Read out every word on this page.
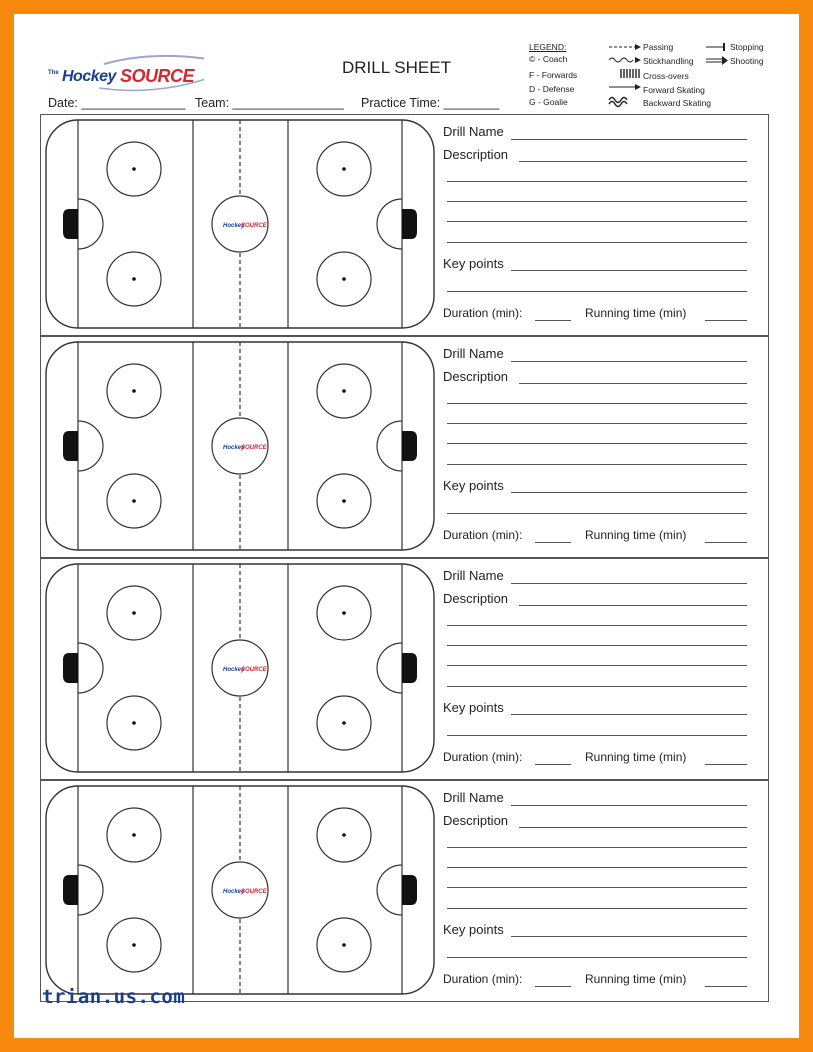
The Hockey SOURCE	DRILL SHEET
Date: _______________ Team: ________________ Practice Time: ________
LEGEND:
© - Coach
F - Forwards
D - Defense
G - Goalie
Passing
Stickhandling
Cross-overs
Forward Skating
Backward Skating
Stopping
Shooting
Hockey
SOURCE
Drill Name
Description
Key points
Duration (min):	Running time (min)
Hockey
SOURCE
Drill Name
Description
Key points
Duration (min):	Running time (min)
Hockey
SOURCE
Drill Name
Description
Key points
Duration (min):	Running time (min)
Hockey
SOURCE
Drill Name
Description
Key points
Duration (min):	Running time (min)
trian.us.com
